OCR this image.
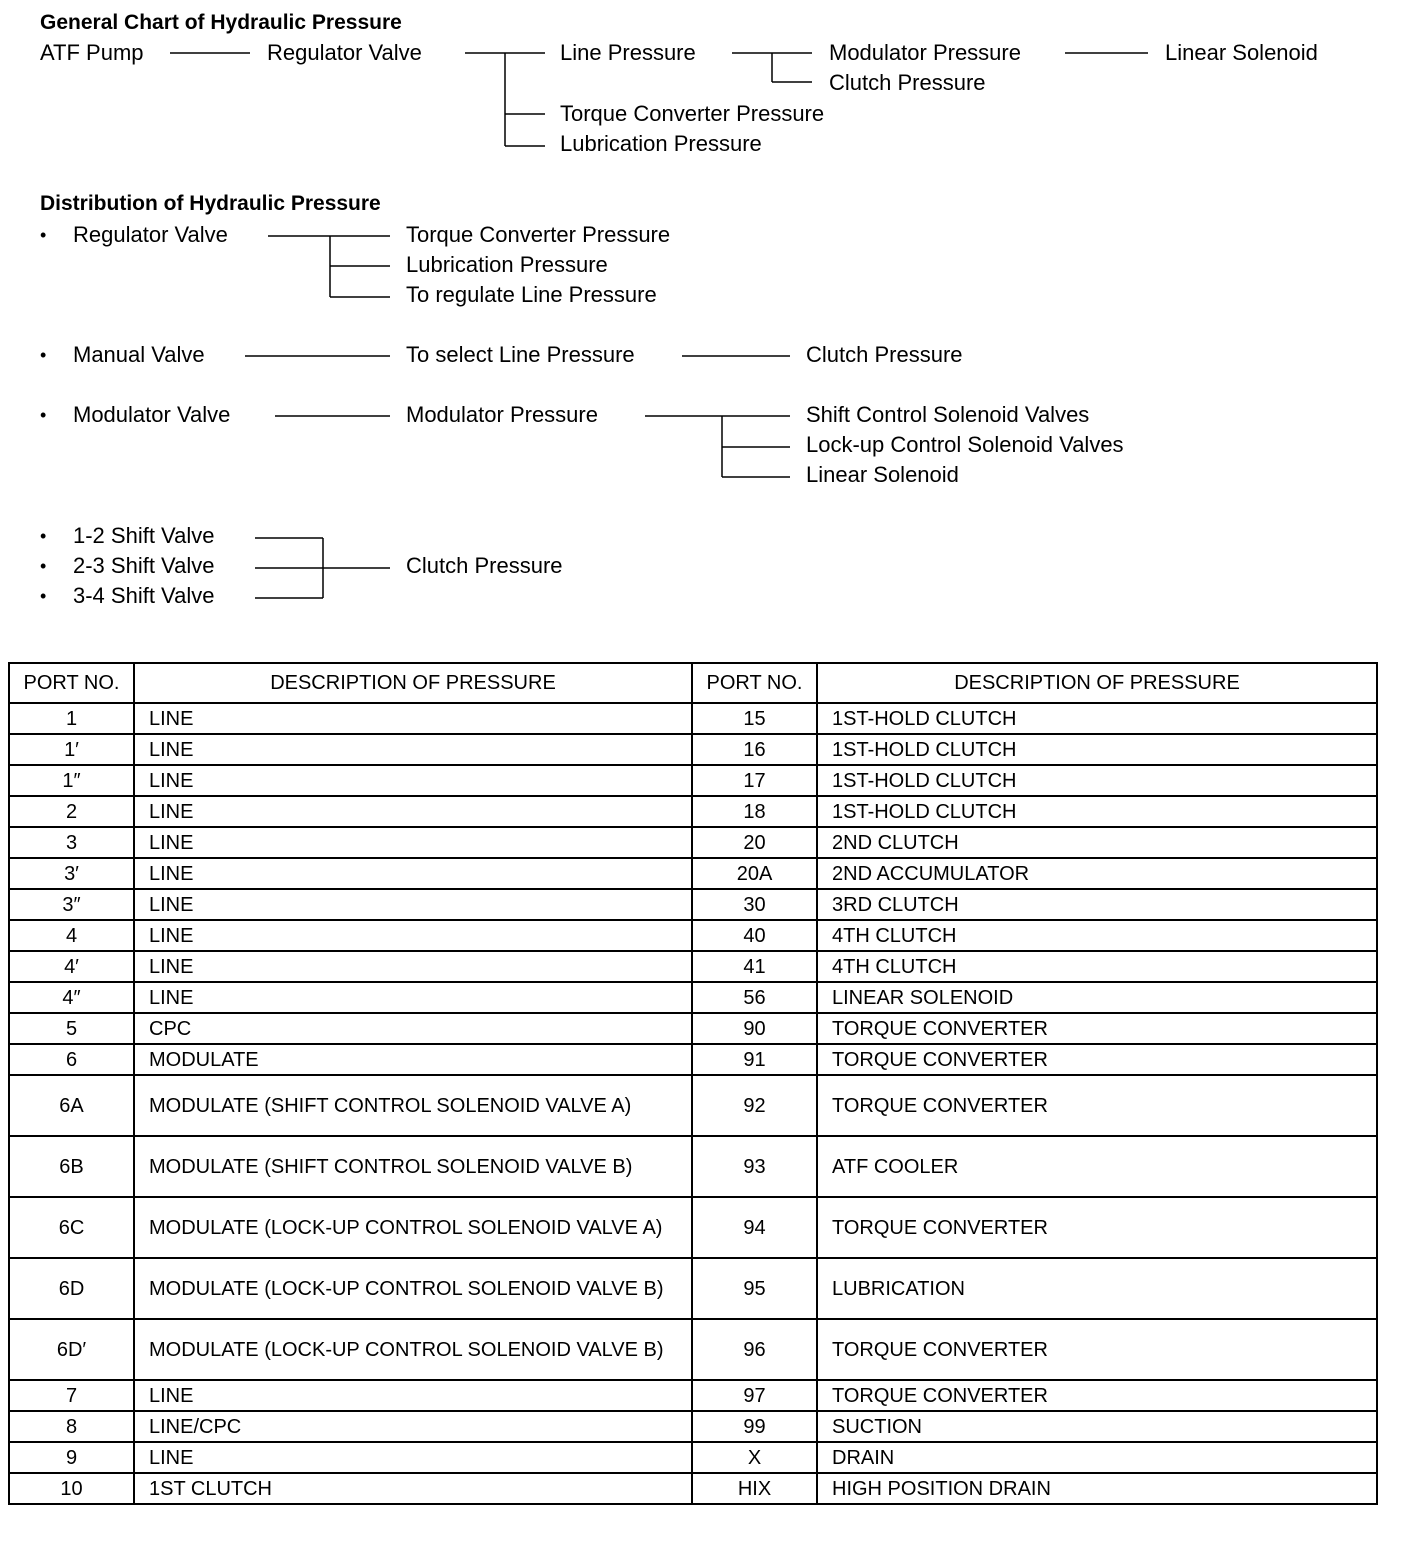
General Chart of Hydraulic Pressure
ATF Pump	Regulator Valve	Line Pressure	Modulator Pressure	Linear Solenoid
Clutch Pressure
Torque Converter Pressure
Lubrication Pressure
Distribution of Hydraulic Pressure
• Regulator Valve	Torque Converter Pressure
Lubrication Pressure
To regulate Line Pressure
• Manual Valve	To select Line Pressure	Clutch Pressure
• Modulator Valve	Modulator Pressure	Shift Control Solenoid Valves
Lock-up Control Solenoid Valves
Linear Solenoid
• 1-2 Shift Valve
• 2-3 Shift Valve
• 3-4 Shift Valve
Clutch Pressure
PORT NO.	DESCRIPTION OF PRESSURE	PORT NO.	DESCRIPTION OF PRESSURE
1	LINE	15	1ST-HOLD CLUTCH
1′	LINE	16	1ST-HOLD CLUTCH
1″	LINE	17	1ST-HOLD CLUTCH
2	LINE	18	1ST-HOLD CLUTCH
3	LINE	20	2ND CLUTCH
3′	LINE	20A	2ND ACCUMULATOR
3″	LINE	30	3RD CLUTCH
4	LINE	40	4TH CLUTCH
4′	LINE	41	4TH CLUTCH
4″	LINE	56	LINEAR SOLENOID
5	CPC	90	TORQUE CONVERTER
6	MODULATE	91	TORQUE CONVERTER
6A	MODULATE (SHIFT CONTROL SOLENOID VALVE A)	92	TORQUE CONVERTER
6B	MODULATE (SHIFT CONTROL SOLENOID VALVE B)	93	ATF COOLER
6C	MODULATE (LOCK-UP CONTROL SOLENOID VALVE A)	94	TORQUE CONVERTER
6D	MODULATE (LOCK-UP CONTROL SOLENOID VALVE B)	95	LUBRICATION
6D′	MODULATE (LOCK-UP CONTROL SOLENOID VALVE B)	96	TORQUE CONVERTER
7	LINE	97	TORQUE CONVERTER
8	LINE/CPC	99	SUCTION
9	LINE	X	DRAIN
10	1ST CLUTCH	HIX	HIGH POSITION DRAIN
